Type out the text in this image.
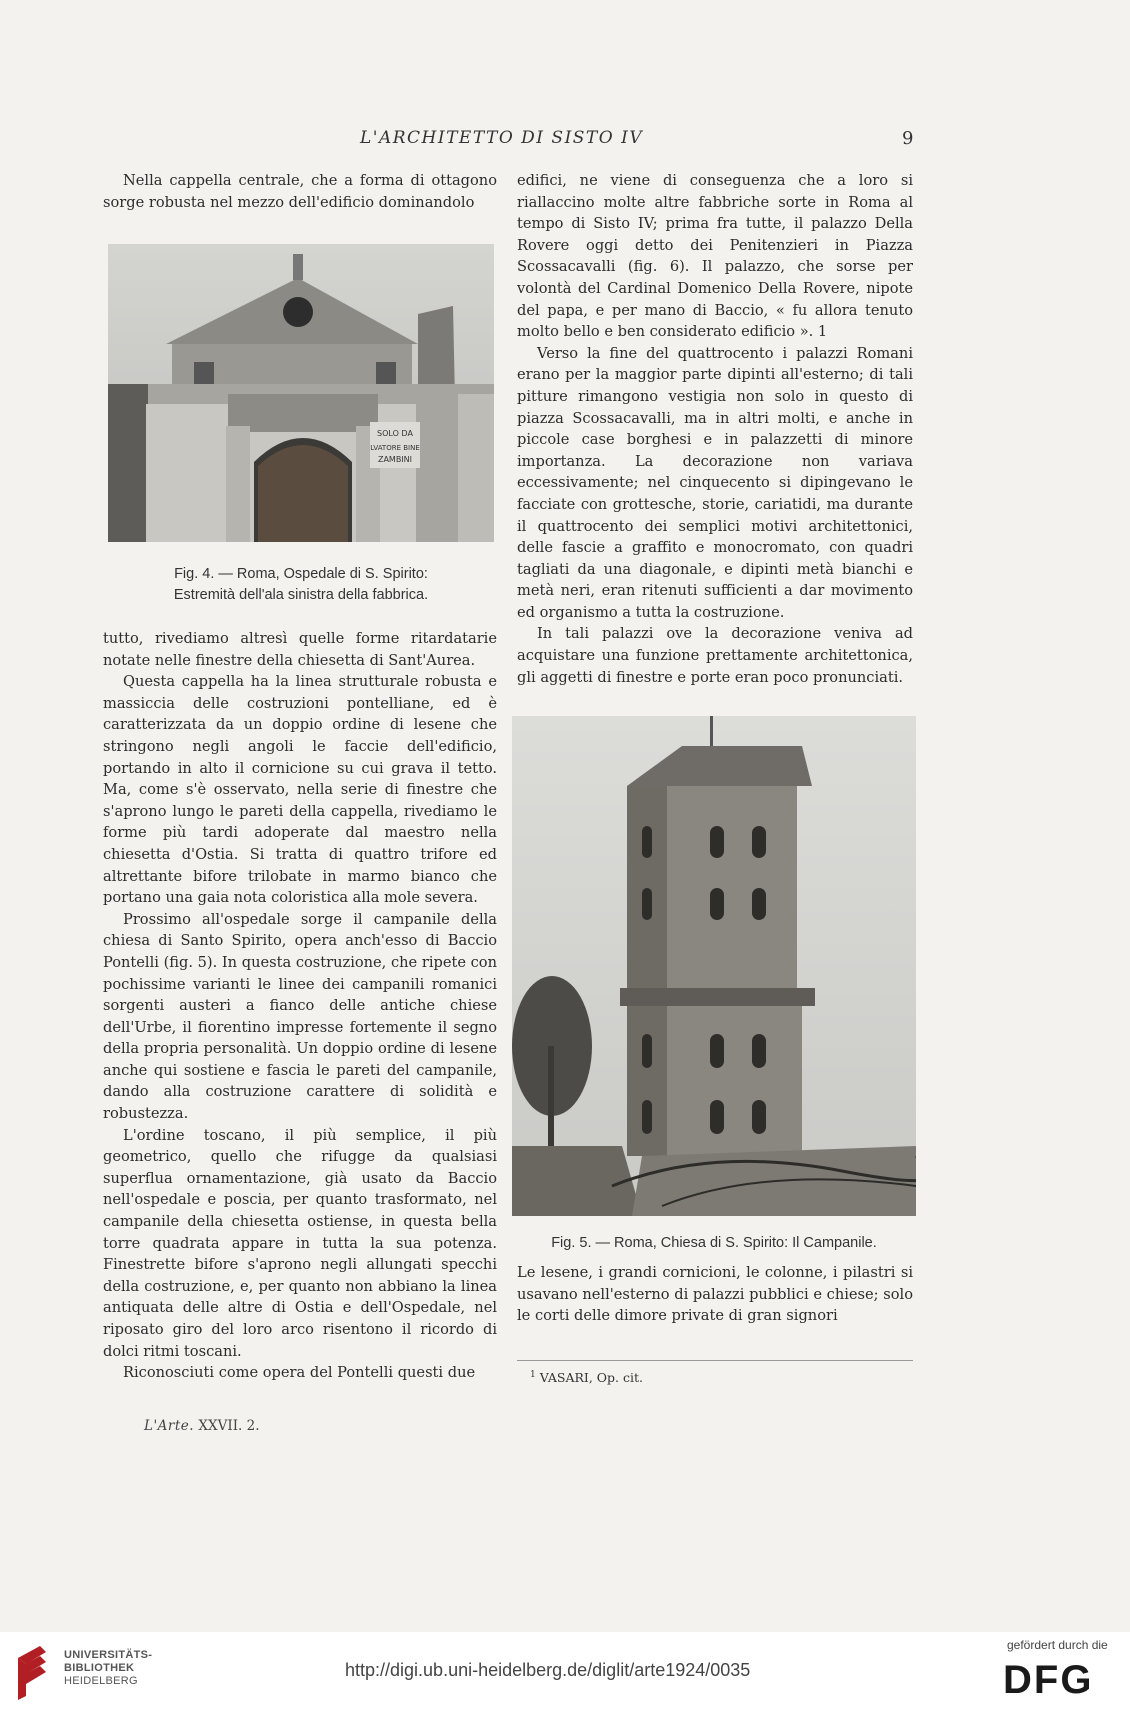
L'ARCHITETTO DI SISTO IV	9

Nella cappella centrale, che a forma di ottagono sorge robusta nel mezzo dell'edificio dominandolo

SOLO DA
LVATORE BINE
ZAMBINI
Fig. 4. — Roma, Ospedale di S. Spirito:
Estremità dell'ala sinistra della fabbrica.

tutto, rivediamo altresì quelle forme ritardatarie notate nelle finestre della chiesetta di Sant'Aurea.

Questa cappella ha la linea strutturale robusta e massiccia delle costruzioni pontelliane, ed è caratterizzata da un doppio ordine di lesene che stringono negli angoli le faccie dell'edificio, portando in alto il cornicione su cui grava il tetto. Ma, come s'è osservato, nella serie di finestre che s'aprono lungo le pareti della cappella, rivediamo le forme più tardi adoperate dal maestro nella chiesetta d'Ostia. Si tratta di quattro trifore ed altrettante bifore trilobate in marmo bianco che portano una gaia nota coloristica alla mole severa.

Prossimo all'ospedale sorge il campanile della chiesa di Santo Spirito, opera anch'esso di Baccio Pontelli (fig. 5). In questa costruzione, che ripete con pochissime varianti le linee dei campanili romanici sorgenti austeri a fianco delle antiche chiese dell'Urbe, il fiorentino impresse fortemente il segno della propria personalità. Un doppio ordine di lesene anche qui sostiene e fascia le pareti del campanile, dando alla costruzione carattere di solidità e robustezza.

L'ordine toscano, il più semplice, il più geometrico, quello che rifugge da qualsiasi superflua ornamentazione, già usato da Baccio nell'ospedale e poscia, per quanto trasformato, nel campanile della chiesetta ostiense, in questa bella torre quadrata appare in tutta la sua potenza. Finestrette bifore s'aprono negli allungati specchi della costruzione, e, per quanto non abbiano la linea antiquata delle altre di Ostia e dell'Ospedale, nel riposato giro del loro arco risentono il ricordo di dolci ritmi toscani.

Riconosciuti come opera del Pontelli questi due

edifici, ne viene di conseguenza che a loro si riallaccino molte altre fabbriche sorte in Roma al tempo di Sisto IV; prima fra tutte, il palazzo Della Rovere oggi detto dei Penitenzieri in Piazza Scossacavalli (fig. 6). Il palazzo, che sorse per volontà del Cardinal Domenico Della Rovere, nipote del papa, e per mano di Baccio, « fu allora tenuto molto bello e ben considerato edificio ». 1

Verso la fine del quattrocento i palazzi Romani erano per la maggior parte dipinti all'esterno; di tali pitture rimangono vestigia non solo in questo di piazza Scossacavalli, ma in altri molti, e anche in piccole case borghesi e in palazzetti di minore importanza. La decorazione non variava eccessivamente; nel cinquecento si dipingevano le facciate con grottesche, storie, cariatidi, ma durante il quattrocento dei semplici motivi architettonici, delle fascie a graffito e monocromato, con quadri tagliati da una diagonale, e dipinti metà bianchi e metà neri, eran ritenuti sufficienti a dar movimento ed organismo a tutta la costruzione.

In tali palazzi ove la decorazione veniva ad acquistare una funzione prettamente architettonica, gli aggetti di finestre e porte eran poco pronunciati.

Fig. 5. — Roma, Chiesa di S. Spirito: Il Campanile.

Le lesene, i grandi cornicioni, le colonne, i pilastri si usavano nell'esterno di palazzi pubblici e chiese; solo le corti delle dimore private di gran signori

$^1$ VASARI, Op. cit.
L'Arte. XXVII. 2.
UNIVERSITÄTS-
BIBLIOTHEK
HEIDELBERG
http://digi.ub.uni-heidelberg.de/diglit/arte1924/0035
gefördert durch die
DFG
